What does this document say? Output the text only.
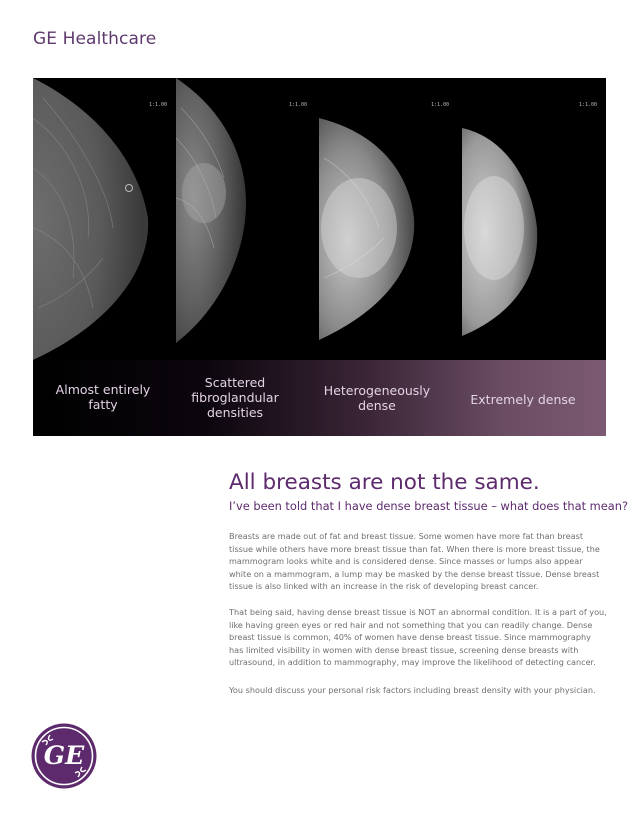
GE Healthcare
1:1.00	1:1.00	1:1.00	1:1.00
Almost entirely
fatty
Scattered
fibroglandular
densities
Heterogeneously
dense	Extremely dense
All breasts are not the same.
I’ve been told that I have dense breast tissue – what does that mean?

Breasts are made out of fat and breast tissue. Some women have more fat than breast tissue while others have more breast tissue than fat. When there is more breast tissue, the mammogram looks white and is considered dense. Since masses or lumps also appear white on a mammogram, a lump may be masked by the dense breast tissue. Dense breast tissue is also linked with an increase in the risk of developing breast cancer.

That being said, having dense breast tissue is NOT an abnormal condition. It is a part of you, like having green eyes or red hair and not something that you can readily change. Dense breast tissue is common, 40% of women have dense breast tissue. Since mammography has limited visibility in women with dense breast tissue, screening dense breasts with ultrasound, in addition to mammography, may improve the likelihood of detecting cancer.

You should discuss your personal risk factors including breast density with your physician.

GE
